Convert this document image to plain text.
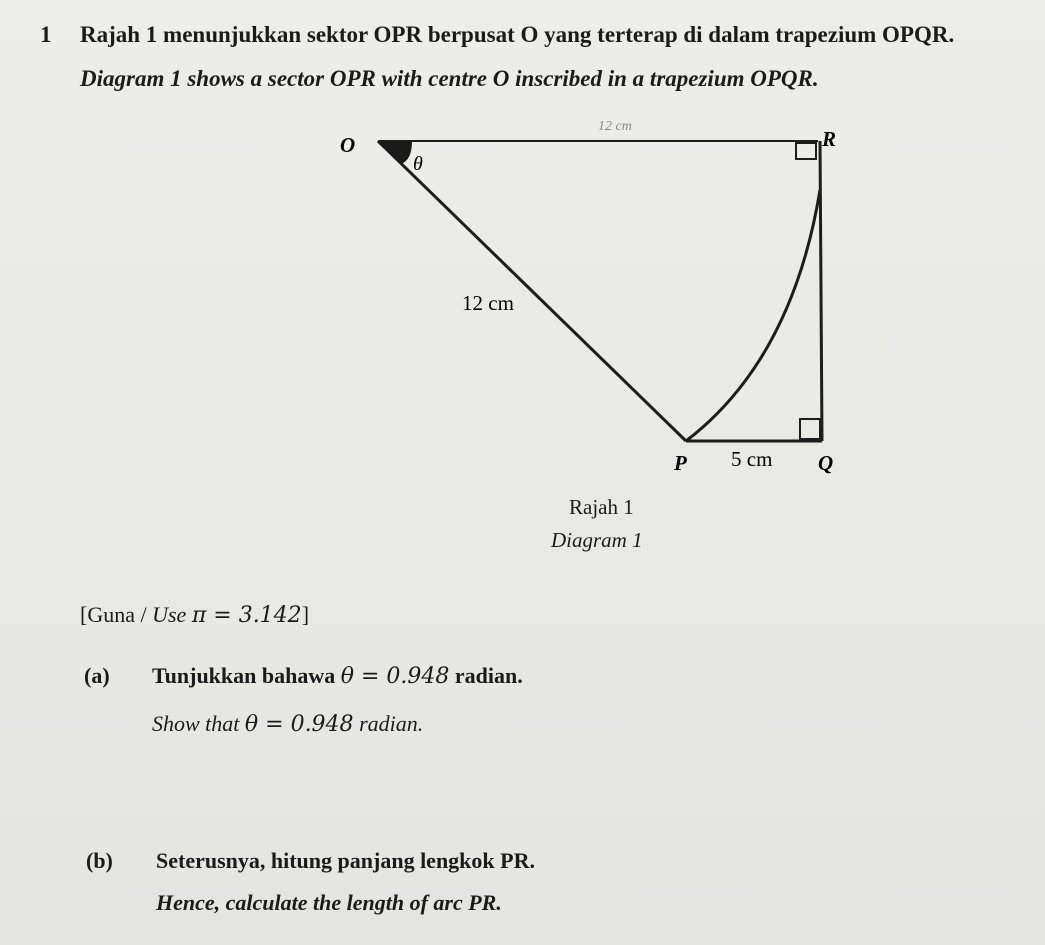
1 Rajah 1 menunjukkan sektor OPR berpusat O yang terterap di dalam trapezium OPQR.
Diagram 1 shows a sector OPR with centre O inscribed in a trapezium OPQR.
O	R
P	Q
θ
12 cm
5 cm
12 cm
Rajah 1
Diagram 1
[Guna / Use π = 3.142]
(a) Tunjukkan bahawa θ = 0.948 radian.
Show that θ = 0.948 radian.
(b) Seterusnya, hitung panjang lengkok PR.
Hence, calculate the length of arc PR.
